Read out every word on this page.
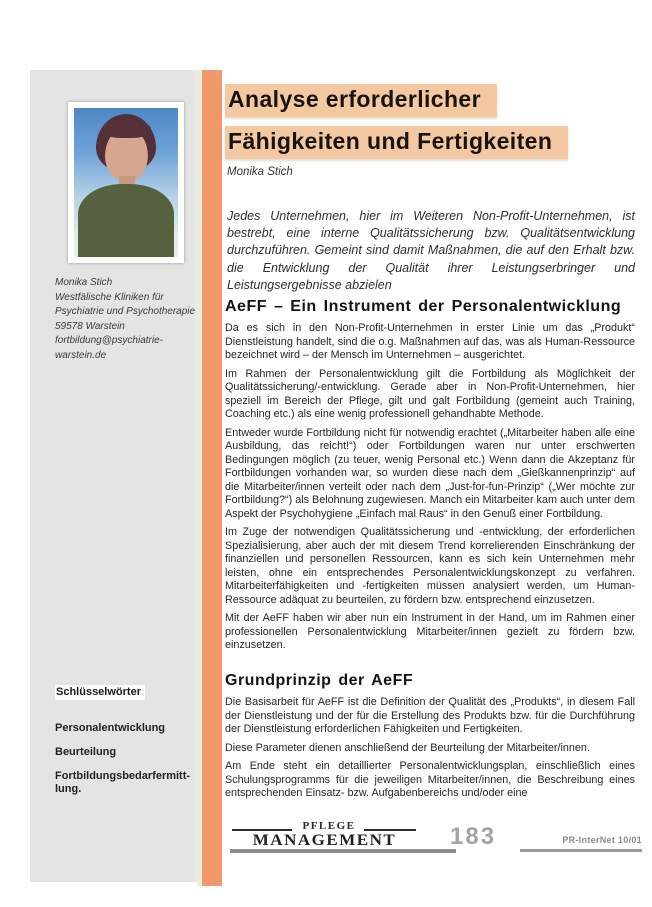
Monika Stich
Westfälische Kliniken für
Psychiatrie und Psychotherapie
59578 Warstein
fortbildung@psychiatrie-
warstein.de
Schlüsselwörter
Personalentwicklung
Beurteilung
Fortbildungsbedarfermitt-lung.
Analyse erforderlicher
Fähigkeiten und Fertigkeiten
Monika Stich

Jedes Unternehmen, hier im Weiteren Non-Profit-Unternehmen, ist bestrebt, eine interne Qualitätssicherung bzw. Qualitätsentwicklung durchzuführen. Gemeint sind damit Maßnahmen, die auf den Erhalt bzw. die Entwicklung der Qualität ihrer Leistungserbringer und Leistungsergebnisse abzielen

AeFF – Ein Instrument der Personalentwicklung

Da es sich in den Non-Profit-Unternehmen in erster Linie um das „Produkt“ Dienstleistung handelt, sind die o.g. Maßnahmen auf das, was als Human-Ressource bezeichnet wird – der Mensch im Unternehmen – ausgerichtet.

Im Rahmen der Personalentwicklung gilt die Fortbildung als Möglichkeit der Qualitätssicherung/-entwicklung. Gerade aber in Non-Profit-Unternehmen, hier speziell im Bereich der Pflege, gilt und galt Fortbildung (gemeint auch Training, Coaching etc.) als eine wenig professionell gehandhabte Methode.

Entweder wurde Fortbildung nicht für notwendig erachtet („Mitarbeiter haben alle eine Ausbildung, das reicht!“) oder Fortbildungen waren nur unter erschwerten Bedingungen möglich (zu teuer, wenig Personal etc.) Wenn dann die Akzeptanz für Fortbildungen vorhanden war, so wurden diese nach dem „Gießkannenprinzip“ auf die Mitarbeiter/innen verteilt oder nach dem „Just-for-fun-Prinzip“ („Wer möchte zur Fortbildung?“) als Belohnung zugewiesen. Manch ein Mitarbeiter kam auch unter dem Aspekt der Psychohygiene „Einfach mal Raus“ in den Genuß einer Fortbildung.

Im Zuge der notwendigen Qualitätssicherung und -entwicklung, der erforderlichen Spezialisierung, aber auch der mit diesem Trend korrelierenden Einschränkung der finanziellen und personellen Ressourcen, kann es sich kein Unternehmen mehr leisten, ohne ein entsprechendes Personalentwicklungskonzept zu verfahren. Mitarbeiterfähigkeiten und -fertigkeiten müssen analysiert werden, um Human-Ressource adäquat zu beurteilen, zu fördern bzw. entsprechend einzusetzen.

Mit der AeFF haben wir aber nun ein Instrument in der Hand, um im Rahmen einer professionellen Personalentwicklung Mitarbeiter/innen gezielt zu fördern bzw. einzusetzen.

Grundprinzip der AeFF

Die Basisarbeit für AeFF ist die Definition der Qualität des „Produkts“, in diesem Fall der Dienstleistung und der für die Erstellung des Produkts bzw. für die Durchführung der Dienstleistung erforderlichen Fähigkeiten und Fertigkeiten.

Diese Parameter dienen anschließend der Beurteilung der Mitarbeiter/innen.

Am Ende steht ein detaillierter Personalentwicklungsplan, einschließlich eines Schulungsprogramms für die jeweiligen Mitarbeiter/innen, die Beschreibung eines entsprechenden Einsatz- bzw. Aufgabenbereichs und/oder eine

PFLEGE
MANAGEMENT	183	PR-InterNet 10/01
